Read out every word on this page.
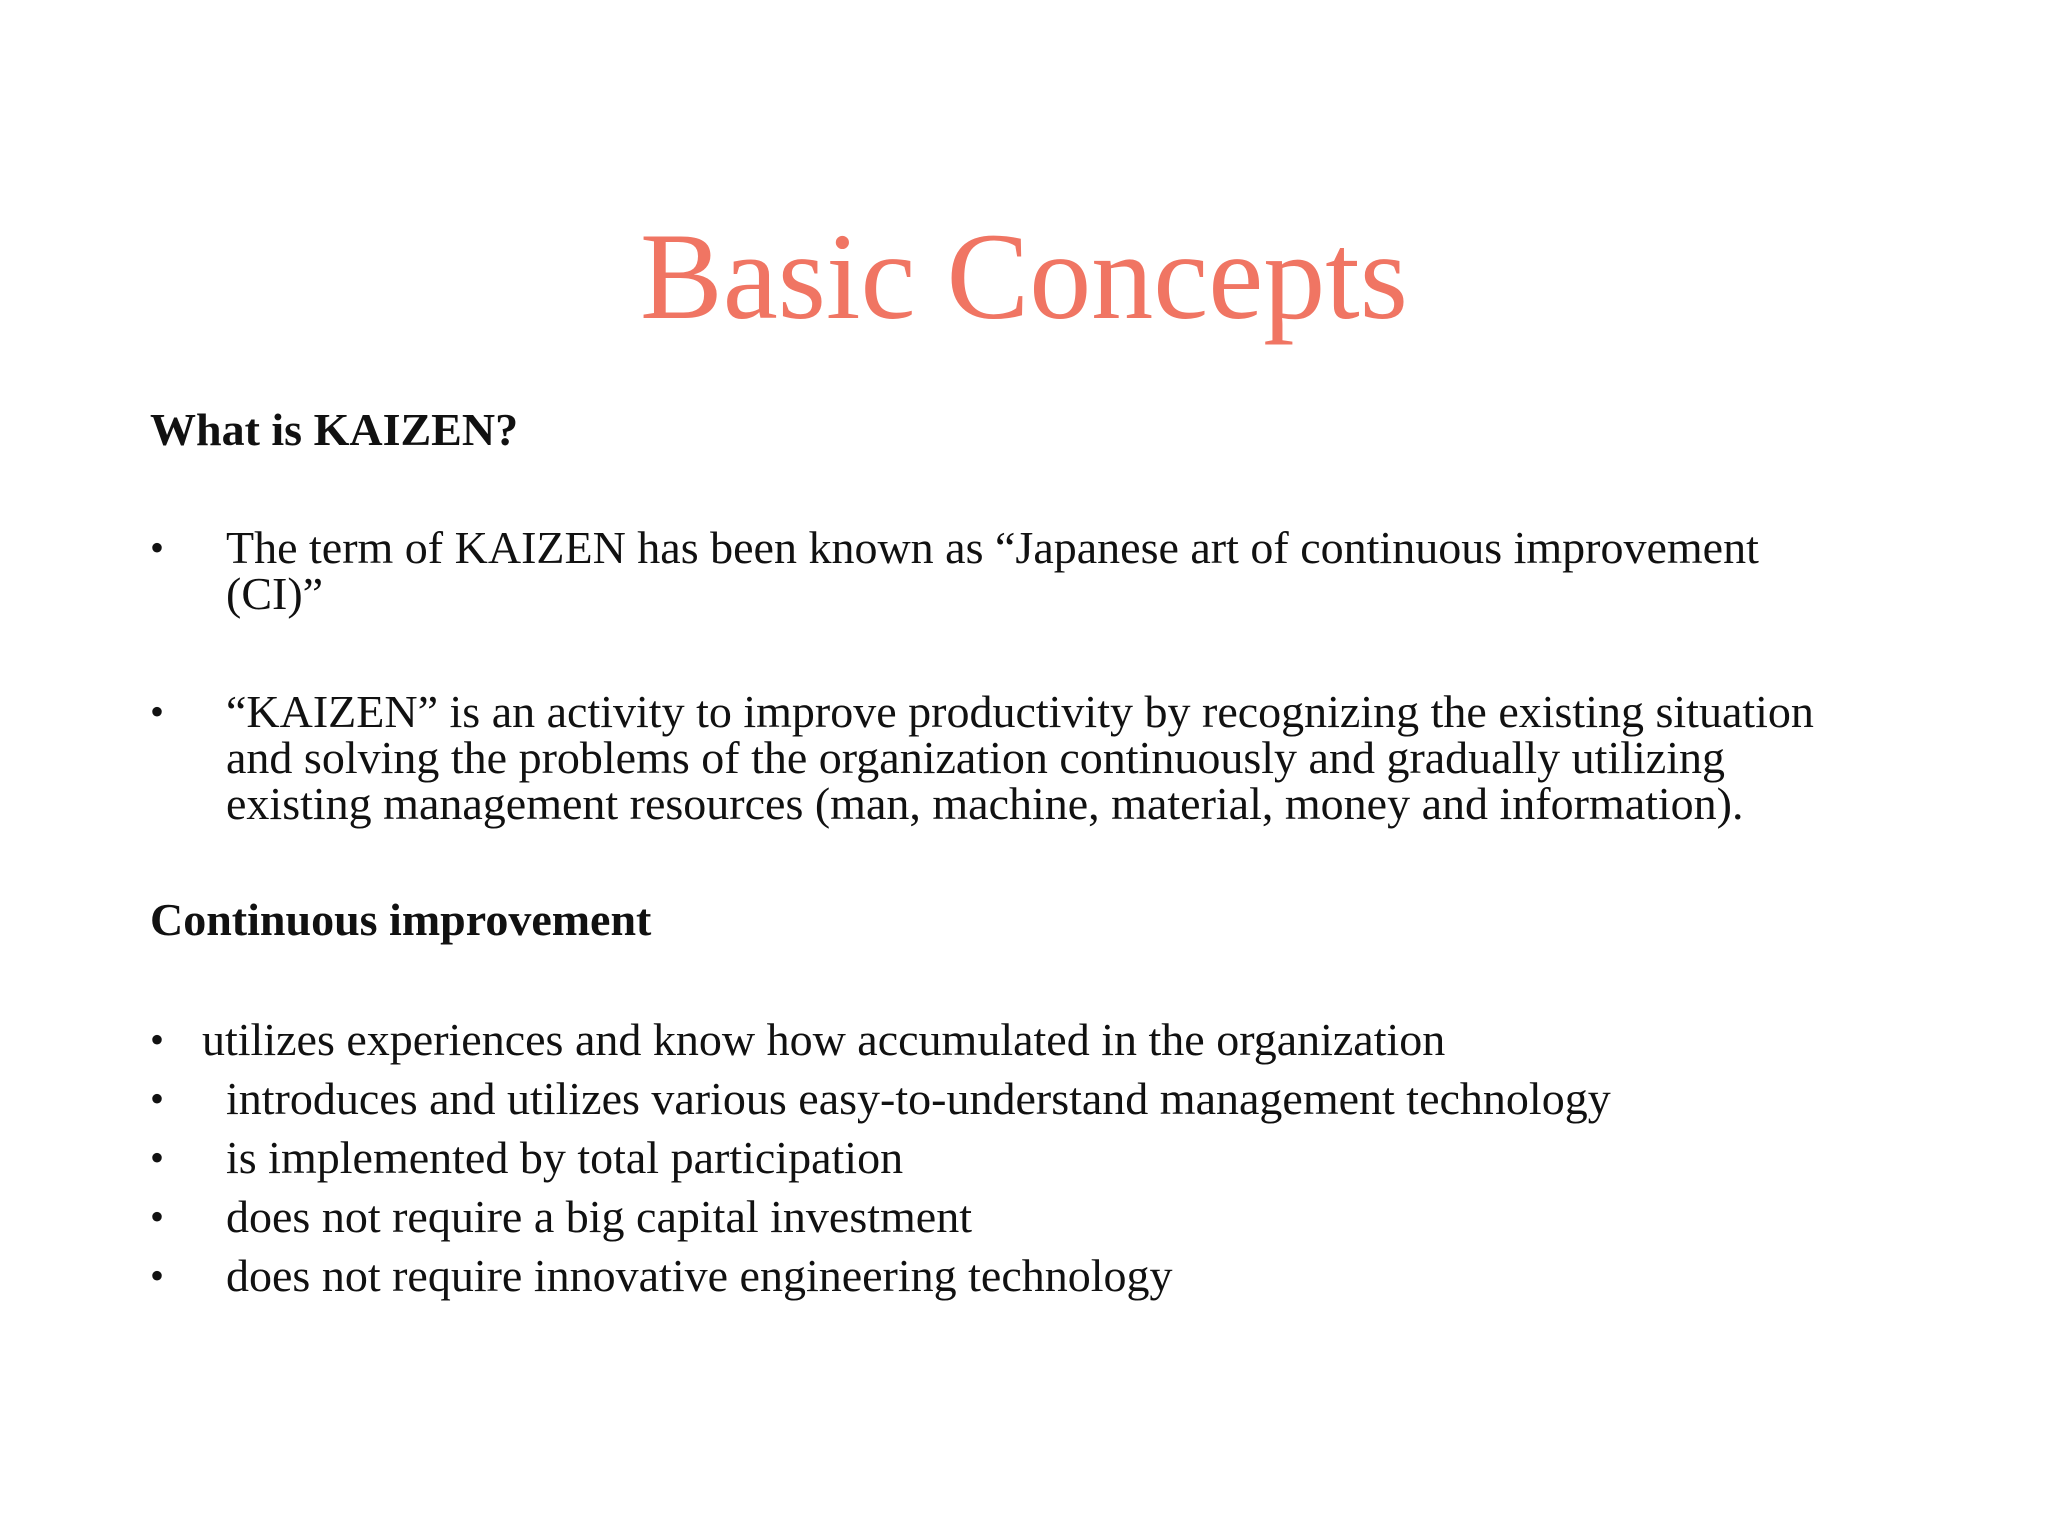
Basic Concepts
What is KAIZEN?
•	The term of KAIZEN has been known as “Japanese art of continuous improvement
(CI)”
•	“KAIZEN” is an activity to improve productivity by recognizing the existing situation
and solving the problems of the organization continuously and gradually utilizing
existing management resources (man, machine, material, money and information).
Continuous improvement
• utilizes experiences and know how accumulated in the organization
• introduces and utilizes various easy-to-understand management technology
• is implemented by total participation
• does not require a big capital investment
• does not require innovative engineering technology
